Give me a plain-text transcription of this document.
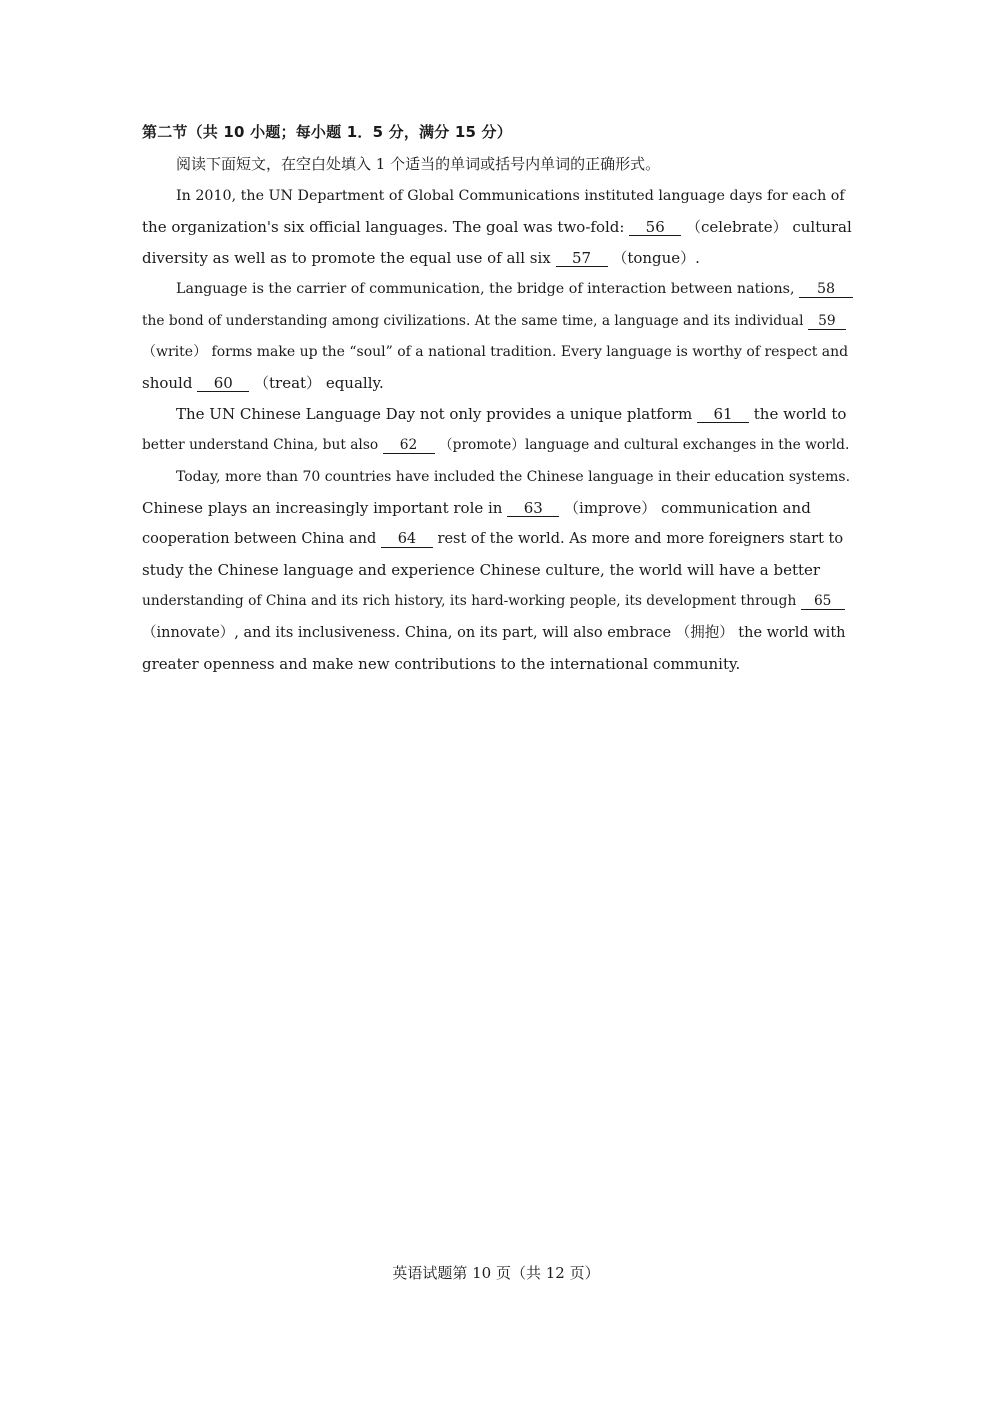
第二节（共 10 小题；每小题 1．5 分，满分 15 分）
阅读下面短文，在空白处填入 1 个适当的单词或括号内单词的正确形式。
In 2010, the UN Department of Global Communications instituted language days for each of
the organization's six official languages. The goal was two-fold: 56 （celebrate） cultural
diversity as well as to promote the equal use of all six 57 （tongue）.
Language is the carrier of communication, the bridge of interaction between nations, 58
the bond of understanding among civilizations. At the same time, a language and its individual 59
（write） forms make up the “soul” of a national tradition. Every language is worthy of respect and
should 60 （treat） equally.
The UN Chinese Language Day not only provides a unique platform 61 the world to
better understand China, but also 62 （promote）language and cultural exchanges in the world.
Today, more than 70 countries have included the Chinese language in their education systems.
Chinese plays an increasingly important role in 63 （improve） communication and
cooperation between China and 64 rest of the world. As more and more foreigners start to
study the Chinese language and experience Chinese culture, the world will have a better
understanding of China and its rich history, its hard-working people, its development through 65
（innovate）, and its inclusiveness. China, on its part, will also embrace （拥抱） the world with
greater openness and make new contributions to the international community.
英语试题第 10 页（共 12 页）
